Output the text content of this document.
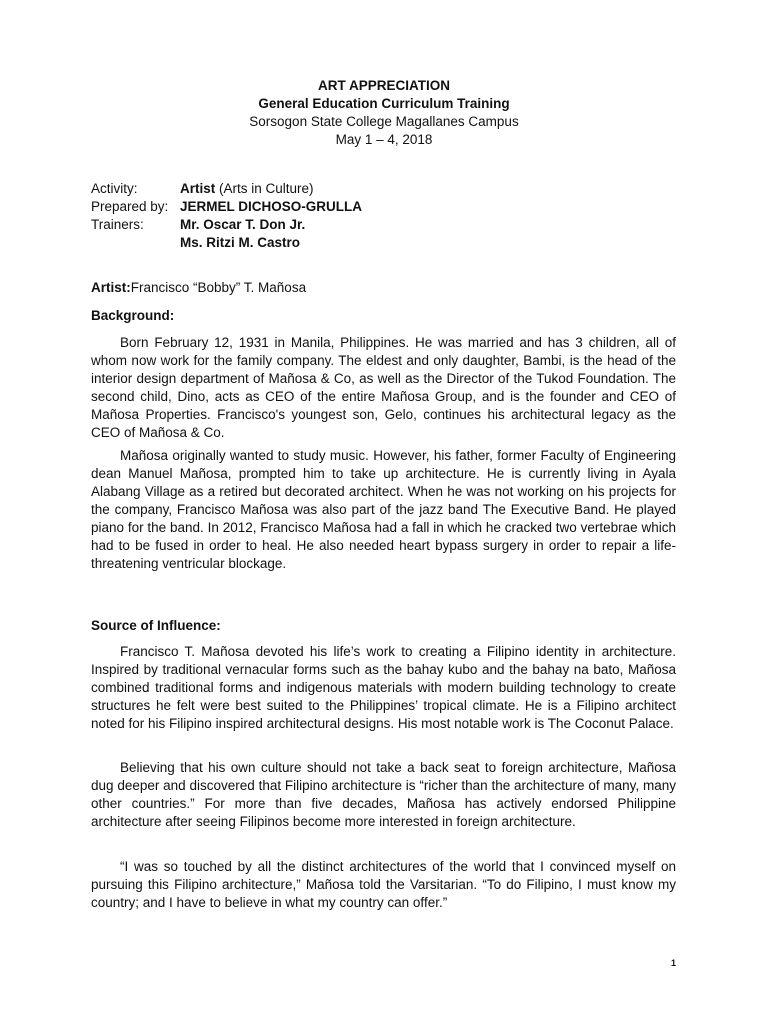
ART APPRECIATION
General Education Curriculum Training
Sorsogon State College Magallanes Campus
May 1 – 4, 2018
Activity:	Artist (Arts in Culture)
Prepared by: JERMEL DICHOSO-GRULLA
Trainers:	Mr. Oscar T. Don Jr.
Ms. Ritzi M. Castro
Artist:Francisco “Bobby” T. Mañosa
Background:

Born February 12, 1931 in Manila, Philippines. He was married and has 3 children, all of whom now work for the family company. The eldest and only daughter, Bambi, is the head of the interior design department of Mañosa & Co, as well as the Director of the Tukod Foundation. The second child, Dino, acts as CEO of the entire Mañosa Group, and is the founder and CEO of Mañosa Properties. Francisco's youngest son, Gelo, continues his architectural legacy as the CEO of Mañosa & Co.

Mañosa originally wanted to study music. However, his father, former Faculty of Engineering dean Manuel Mañosa, prompted him to take up architecture. He is currently living in Ayala Alabang Village as a retired but decorated architect. When he was not working on his projects for the company, Francisco Mañosa was also part of the jazz band The Executive Band. He played piano for the band. In 2012, Francisco Mañosa had a fall in which he cracked two vertebrae which had to be fused in order to heal. He also needed heart bypass surgery in order to repair a life-threatening ventricular blockage.

Source of Influence:

Francisco T. Mañosa devoted his life’s work to creating a Filipino identity in architecture. Inspired by traditional vernacular forms such as the bahay kubo and the bahay na bato, Mañosa combined traditional forms and indigenous materials with modern building technology to create structures he felt were best suited to the Philippines’ tropical climate. He is a Filipino architect noted for his Filipino inspired architectural designs. His most notable work is The Coconut Palace.

Believing that his own culture should not take a back seat to foreign architecture, Mañosa dug deeper and discovered that Filipino architecture is “richer than the architecture of many, many other countries.” For more than five decades, Mañosa has actively endorsed Philippine architecture after seeing Filipinos become more interested in foreign architecture.

“I was so touched by all the distinct architectures of the world that I convinced myself on pursuing this Filipino architecture,” Mañosa told the Varsitarian. “To do Filipino, I must know my country; and I have to believe in what my country can offer.”

1
